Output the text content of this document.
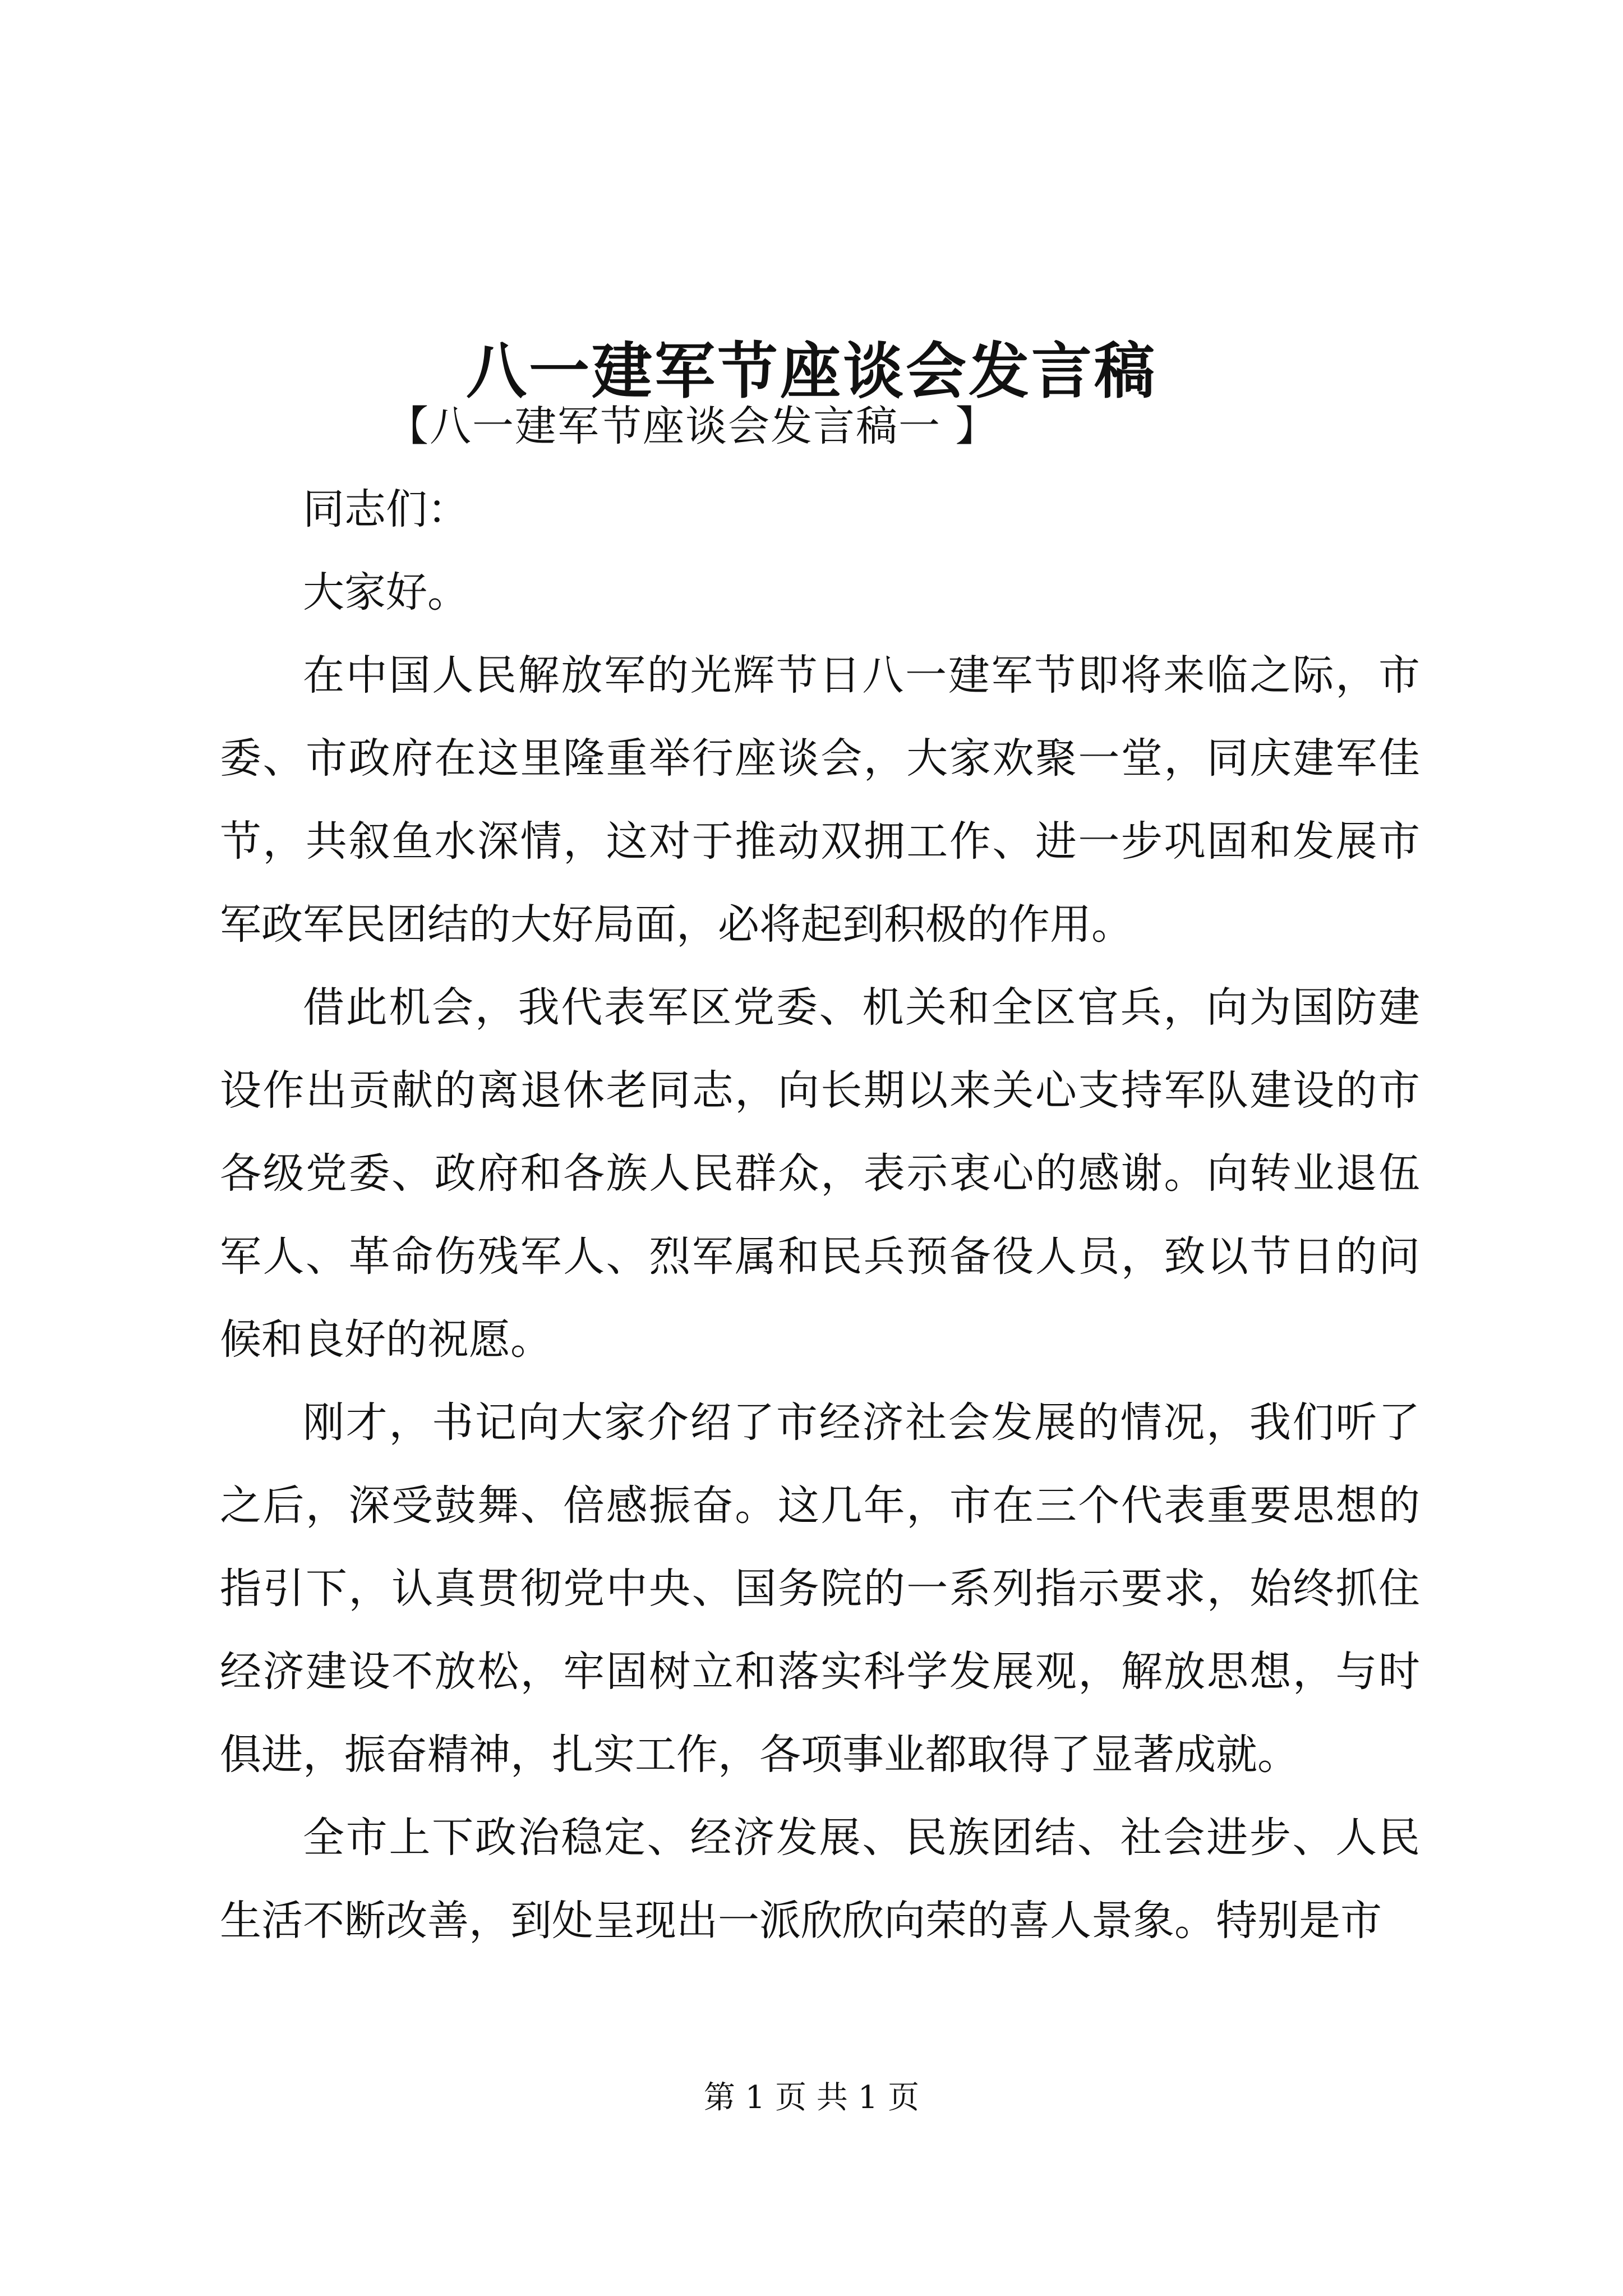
八一建军节座谈会发言稿

【八一建军节座谈会发言稿一 】

同志们：

大家好。

在中国人民解放军的光辉节日八一建军节即将来临之际，市委、市政府在这里隆重举行座谈会，大家欢聚一堂，同庆建军佳节，共叙鱼水深情，这对于推动双拥工作、进一步巩固和发展市军政军民团结的大好局面，必将起到积极的作用。

借此机会，我代表军区党委、机关和全区官兵，向为国防建设作出贡献的离退休老同志，向长期以来关心支持军队建设的市各级党委、政府和各族人民群众，表示衷心的感谢。向转业退伍军人、革命伤残军人、烈军属和民兵预备役人员，致以节日的问候和良好的祝愿。

刚才，书记向大家介绍了市经济社会发展的情况，我们听了之后，深受鼓舞、倍感振奋。这几年，市在三个代表重要思想的指引下，认真贯彻党中央、国务院的一系列指示要求，始终抓住经济建设不放松，牢固树立和落实科学发展观，解放思想，与时俱进，振奋精神，扎实工作，各项事业都取得了显著成就。

全市上下政治稳定、经济发展、民族团结、社会进步、人民生活不断改善，到处呈现出一派欣欣向荣的喜人景象。特别是市

第 1 页 共 1 页
